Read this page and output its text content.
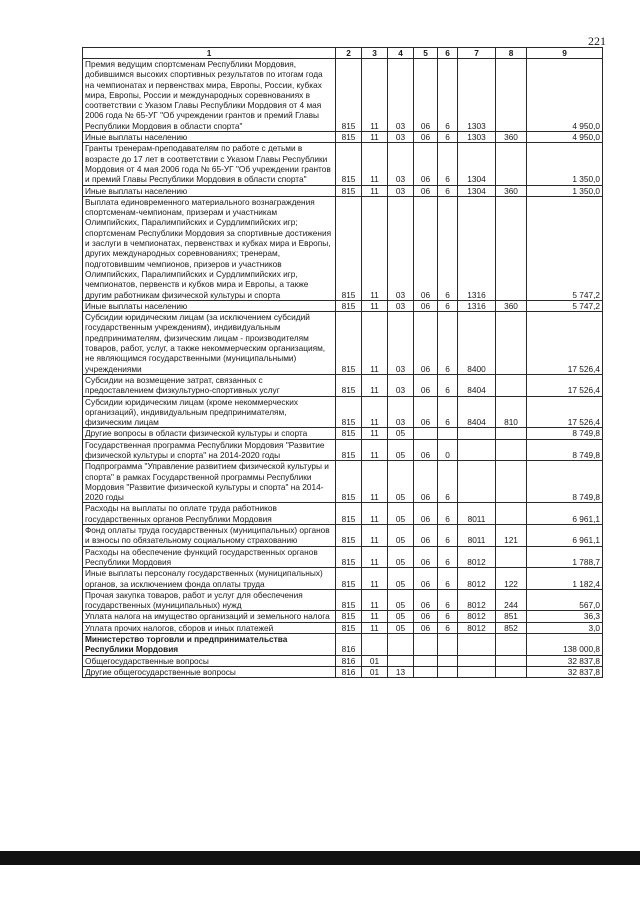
221
1	2	3	4	5	6	7	8	9
Премия ведущим спортсменам Республики Мордовия, добившимся высоких спортивных результатов по итогам года на чемпионатах и первенствах мира, Европы, России, кубках мира, Европы, России и международных соревнованиях в соответствии с Указом Главы Республики Мордовия от 4 мая 2006 года № 65-УГ "Об учреждении грантов и премий Главы Республики Мордовия в области спорта"	815	11	03	06	6	1303		4 950,0
Иные выплаты населению	815	11	03	06	6	1303	360	4 950,0
Гранты тренерам-преподавателям по работе с детьми в возрасте до 17 лет в соответствии с Указом Главы Республики Мордовия от 4 мая 2006 года № 65-УГ "Об учреждении грантов и премий Главы Республики Мордовия в области спорта"	815	11	03	06	6	1304		1 350,0
Иные выплаты населению	815	11	03	06	6	1304	360	1 350,0
Выплата единовременного материального вознаграждения спортсменам-чемпионам, призерам и участникам Олимпийских, Паралимпийских и Сурдлимпийских игр; спортсменам Республики Мордовия за спортивные достижения и заслуги в чемпионатах, первенствах и кубках мира и Европы, других международных соревнованиях; тренерам, подготовившим чемпионов, призеров и участников Олимпийских, Паралимпийских и Сурдлимпийских игр, чемпионатов, первенств и кубков мира и Европы, а также другим работникам физической культуры и спорта	815	11	03	06	6	1316		5 747,2
Иные выплаты населению	815	11	03	06	6	1316	360	5 747,2
Субсидии юридическим лицам (за исключением субсидий государственным учреждениям), индивидуальным предпринимателям, физическим лицам - производителям товаров, работ, услуг, а также некоммерческим организациям, не являющимся государственными (муниципальными) учреждениями	815	11	03	06	6	8400		17 526,4
Субсидии на возмещение затрат, связанных с предоставлением физкультурно-спортивных услуг	815	11	03	06	6	8404		17 526,4
Субсидии юридическим лицам (кроме некоммерческих организаций), индивидуальным предпринимателям, физическим лицам	815	11	03	06	6	8404	810	17 526,4
Другие вопросы в области физической культуры и спорта	815	11	05					8 749,8
Государственная программа Республики Мордовия "Развитие физической культуры и спорта" на 2014-2020 годы	815	11	05	06	0			8 749,8
Подпрограмма "Управление развитием физической культуры и спорта" в рамках Государственной программы Республики Мордовия "Развитие физической культуры и спорта" на 2014-2020 годы	815	11	05	06	6			8 749,8
Расходы на выплаты по оплате труда работников государственных органов Республики Мордовия	815	11	05	06	6	8011		6 961,1
Фонд оплаты труда государственных (муниципальных) органов и взносы по обязательному социальному страхованию	815	11	05	06	6	8011	121	6 961,1
Расходы на обеспечение функций государственных органов Республики Мордовия	815	11	05	06	6	8012		1 788,7
Иные выплаты персоналу государственных (муниципальных) органов, за исключением фонда оплаты труда	815	11	05	06	6	8012	122	1 182,4
Прочая закупка товаров, работ и услуг для обеспечения государственных (муниципальных) нужд	815	11	05	06	6	8012	244	567,0
Уплата налога на имущество организаций и земельного налога	815	11	05	06	6	8012	851	36,3
Уплата прочих налогов, сборов и иных платежей	815	11	05	06	6	8012	852	3,0
Министерство торговли и предпринимательства Республики Мордовия	816							138 000,8
Общегосударственные вопросы	816	01						32 837,8
Другие общегосударственные вопросы	816	01	13					32 837,8
